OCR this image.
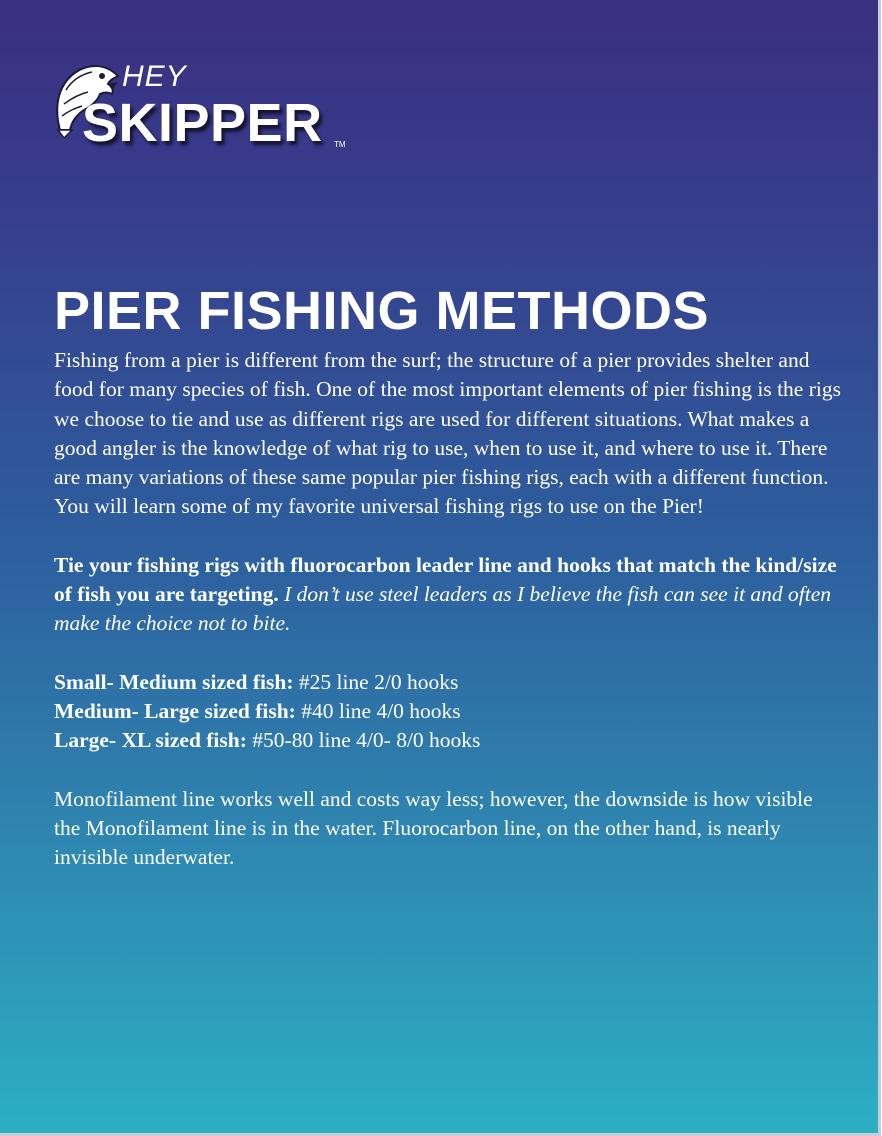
HEY
SKIPPER TM
PIER FISHING METHODS

Fishing from a pier is different from the surf; the structure of a pier provides shelter and food for many species of fish. One of the most important elements of pier fishing is the rigs we choose to tie and use as different rigs are used for different situations. What makes a good angler is the knowledge of what rig to use, when to use it, and where to use it. There are many variations of these same popular pier fishing rigs, each with a different function. You will learn some of my favorite universal fishing rigs to use on the Pier!

Tie your fishing rigs with fluorocarbon leader line and hooks that match the kind/size of fish you are targeting. I don’t use steel leaders as I believe the fish can see it and often make the choice not to bite.

Small- Medium sized fish: #25 line 2/0 hooks
Medium- Large sized fish: #40 line 4/0 hooks
Large- XL sized fish: #50-80 line 4/0- 8/0 hooks

Monofilament line works well and costs way less; however, the downside is how visible the Monofilament line is in the water. Fluorocarbon line, on the other hand, is nearly invisible underwater.
